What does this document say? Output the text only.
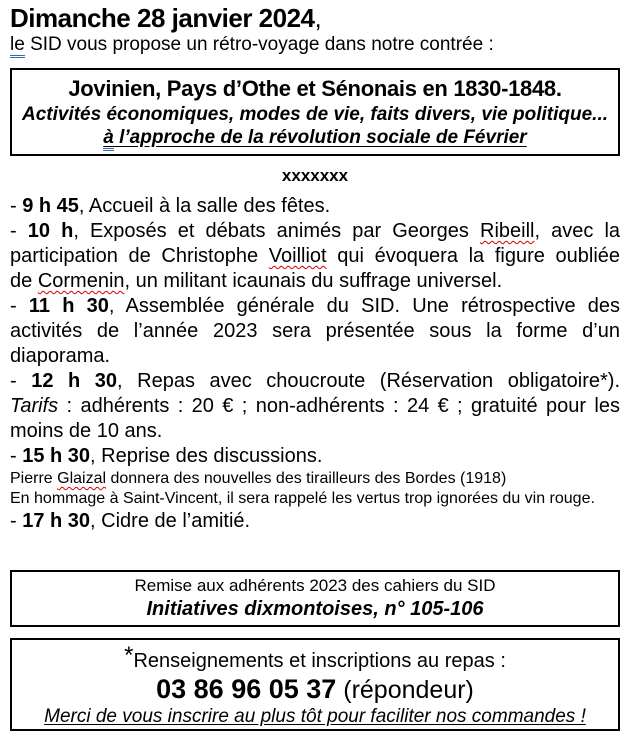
Dimanche 28 janvier 2024,
le SID vous propose un rétro-voyage dans notre contrée :
Jovinien, Pays d’Othe et Sénonais en 1830-1848.
Activités économiques, modes de vie, faits divers, vie politique...
à l’approche de la révolution sociale de Février
xxxxxxx
- 9 h 45, Accueil à la salle des fêtes.
- 10 h, Exposés et débats animés par Georges Ribeill, avec la
participation de Christophe Voilliot qui évoquera la figure oubliée
de Cormenin, un militant icaunais du suffrage universel.
- 11 h 30, Assemblée générale du SID. Une rétrospective des
activités de l’année 2023 sera présentée sous la forme d’un
diaporama.
- 12 h 30, Repas avec choucroute (Réservation obligatoire*).
Tarifs : adhérents : 20 € ; non-adhérents : 24 € ; gratuité pour les
moins de 10 ans.
- 15 h 30, Reprise des discussions.
Pierre Glaizal donnera des nouvelles des tirailleurs des Bordes (1918)
En hommage à Saint-Vincent, il sera rappelé les vertus trop ignorées du vin rouge.
- 17 h 30, Cidre de l’amitié.
Remise aux adhérents 2023 des cahiers du SID
Initiatives dixmontoises, n° 105-106
*Renseignements et inscriptions au repas :
03 86 96 05 37 (répondeur)
Merci de vous inscrire au plus tôt pour faciliter nos commandes !
